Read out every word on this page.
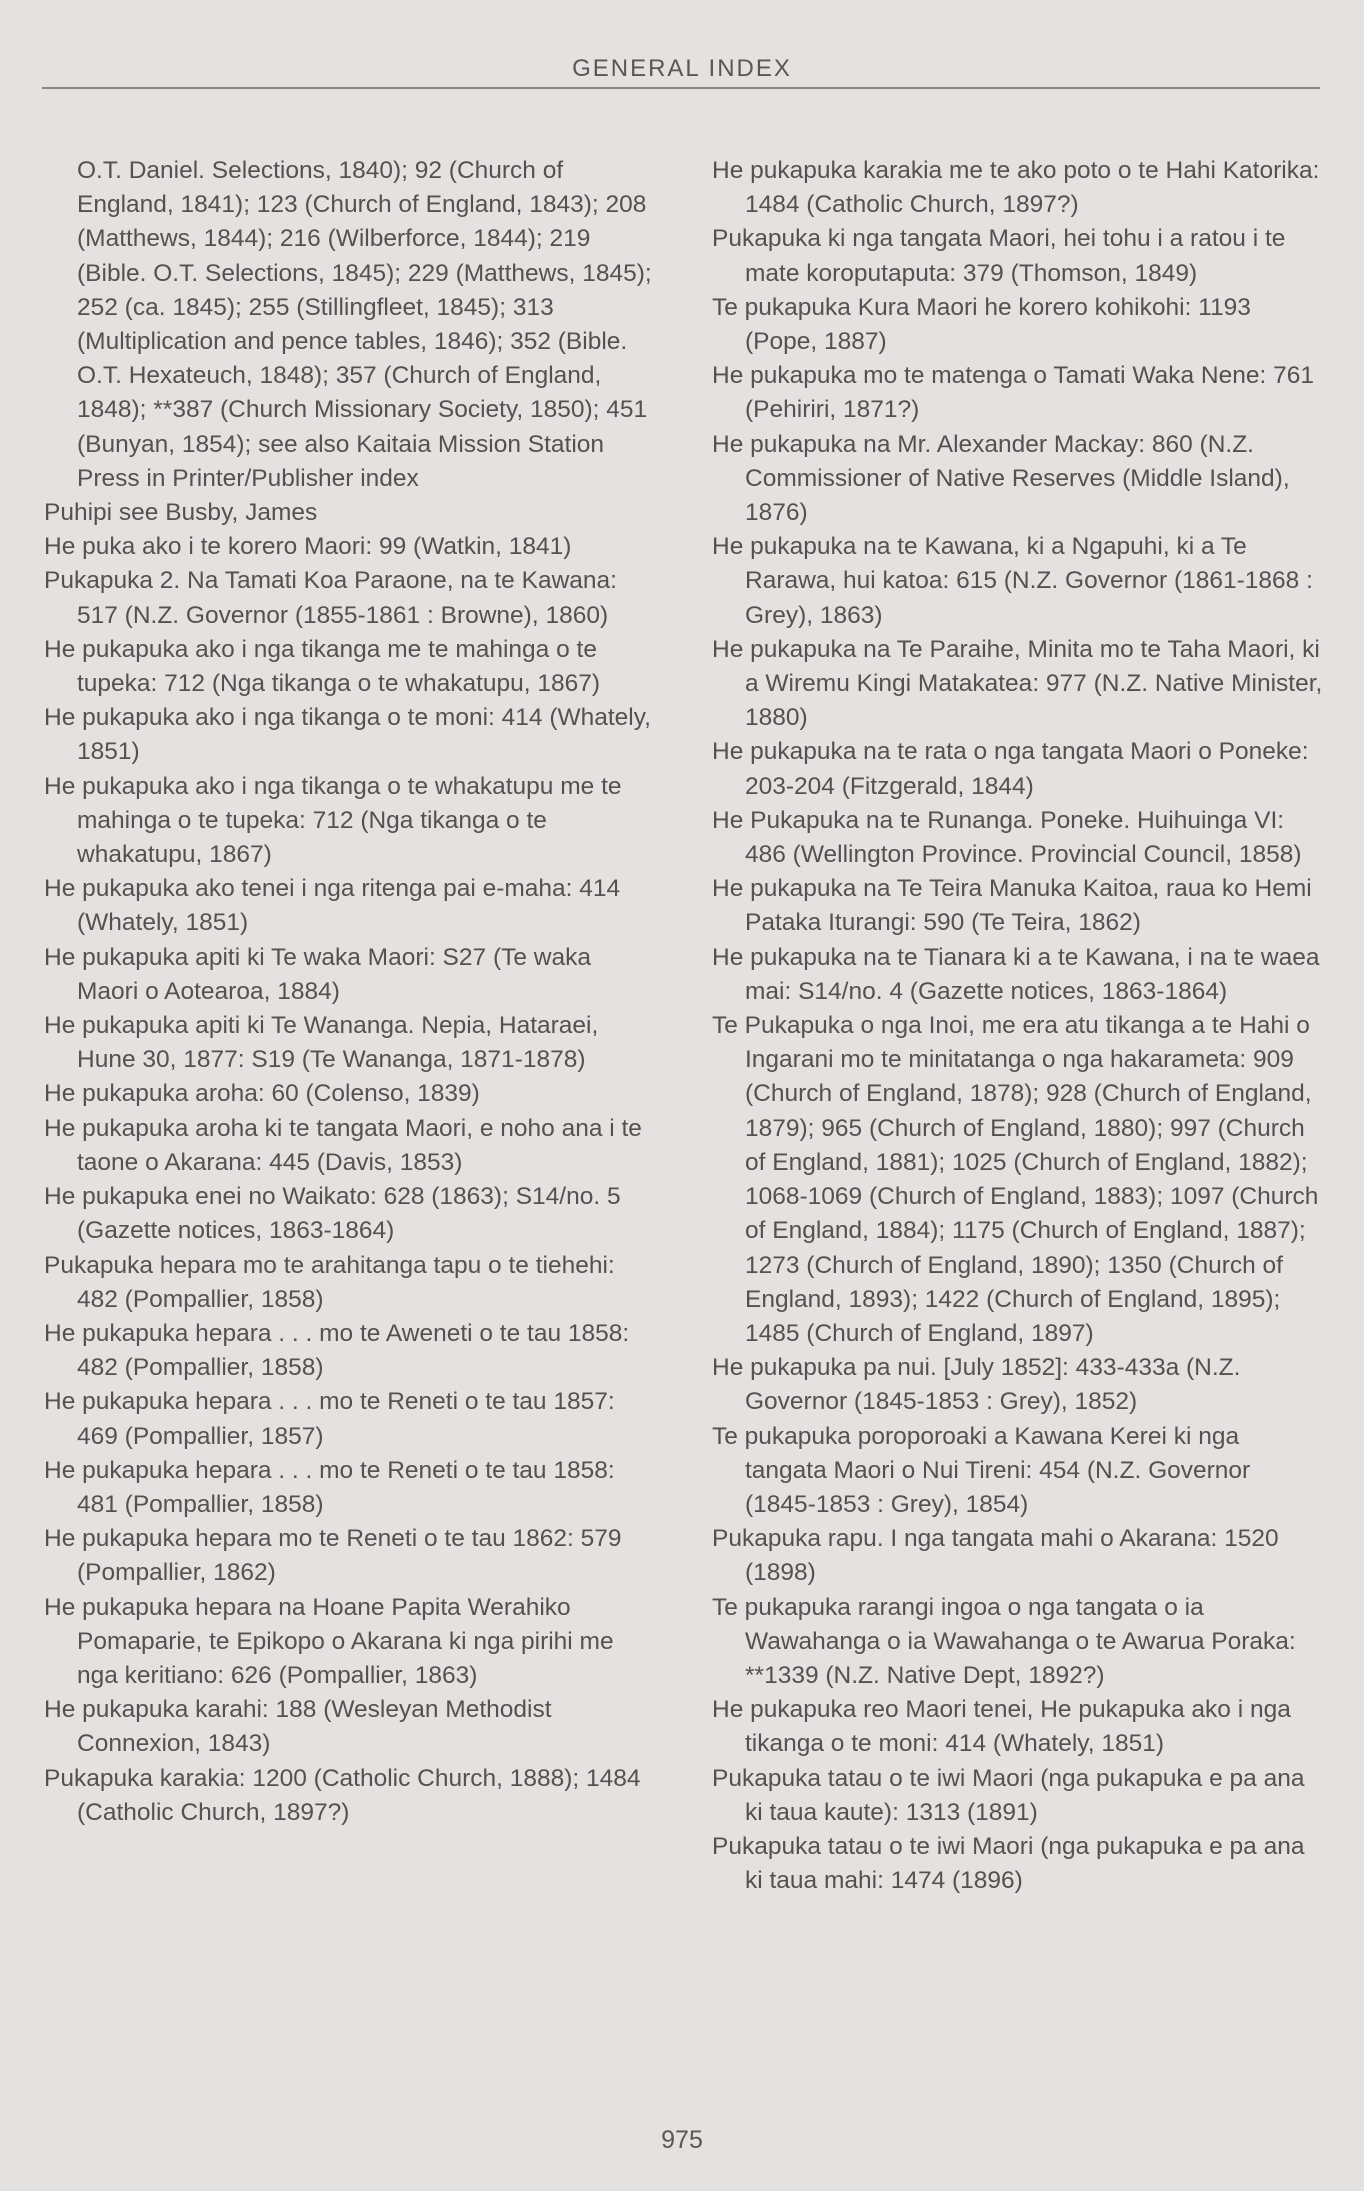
GENERAL INDEX

O.T. Daniel. Selections, 1840); 92 (Church of England, 1841); 123 (Church of England, 1843); 208 (Matthews, 1844); 216 (Wilberforce, 1844); 219 (Bible. O.T. Selections, 1845); 229 (Matthews, 1845); 252 (ca. 1845); 255 (Stillingfleet, 1845); 313 (Multiplication and pence tables, 1846); 352 (Bible. O.T. Hexateuch, 1848); 357 (Church of England, 1848); **387 (Church Missionary Society, 1850); 451 (Bunyan, 1854); see also Kaitaia Mission Station Press in Printer/Publisher index

Puhipi see Busby, James

He puka ako i te korero Maori: 99 (Watkin, 1841)

Pukapuka 2. Na Tamati Koa Paraone, na te Kawana: 517 (N.Z. Governor (1855-1861 : Browne), 1860)

He pukapuka ako i nga tikanga me te mahinga o te tupeka: 712 (Nga tikanga o te whakatupu, 1867)

He pukapuka ako i nga tikanga o te moni: 414 (Whately, 1851)

He pukapuka ako i nga tikanga o te whakatupu me te mahinga o te tupeka: 712 (Nga tikanga o te whakatupu, 1867)

He pukapuka ako tenei i nga ritenga pai e-maha: 414 (Whately, 1851)

He pukapuka apiti ki Te waka Maori: S27 (Te waka Maori o Aotearoa, 1884)

He pukapuka apiti ki Te Wananga. Nepia, Hataraei, Hune 30, 1877: S19 (Te Wananga, 1871-1878)

He pukapuka aroha: 60 (Colenso, 1839)

He pukapuka aroha ki te tangata Maori, e noho ana i te taone o Akarana: 445 (Davis, 1853)

He pukapuka enei no Waikato: 628 (1863); S14/no. 5 (Gazette notices, 1863-1864)

Pukapuka hepara mo te arahitanga tapu o te tiehehi: 482 (Pompallier, 1858)

He pukapuka hepara . . . mo te Aweneti o te tau 1858: 482 (Pompallier, 1858)

He pukapuka hepara . . . mo te Reneti o te tau 1857: 469 (Pompallier, 1857)

He pukapuka hepara . . . mo te Reneti o te tau 1858: 481 (Pompallier, 1858)

He pukapuka hepara mo te Reneti o te tau 1862: 579 (Pompallier, 1862)

He pukapuka hepara na Hoane Papita Werahiko Pomaparie, te Epikopo o Akarana ki nga pirihi me nga keritiano: 626 (Pompallier, 1863)

He pukapuka karahi: 188 (Wesleyan Methodist Connexion, 1843)

Pukapuka karakia: 1200 (Catholic Church, 1888); 1484 (Catholic Church, 1897?)

He pukapuka karakia me te ako poto o te Hahi Katorika: 1484 (Catholic Church, 1897?)

Pukapuka ki nga tangata Maori, hei tohu i a ratou i te mate koroputaputa: 379 (Thomson, 1849)

Te pukapuka Kura Maori he korero kohikohi: 1193 (Pope, 1887)

He pukapuka mo te matenga o Tamati Waka Nene: 761 (Pehiriri, 1871?)

He pukapuka na Mr. Alexander Mackay: 860 (N.Z. Commissioner of Native Reserves (Middle Island), 1876)

He pukapuka na te Kawana, ki a Ngapuhi, ki a Te Rarawa, hui katoa: 615 (N.Z. Governor (1861-1868 : Grey), 1863)

He pukapuka na Te Paraihe, Minita mo te Taha Maori, ki a Wiremu Kingi Matakatea: 977 (N.Z. Native Minister, 1880)

He pukapuka na te rata o nga tangata Maori o Poneke: 203-204 (Fitzgerald, 1844)

He Pukapuka na te Runanga. Poneke. Huihuinga VI: 486 (Wellington Province. Provincial Council, 1858)

He pukapuka na Te Teira Manuka Kaitoa, raua ko Hemi Pataka Iturangi: 590 (Te Teira, 1862)

He pukapuka na te Tianara ki a te Kawana, i na te waea mai: S14/no. 4 (Gazette notices, 1863-1864)

Te Pukapuka o nga Inoi, me era atu tikanga a te Hahi o Ingarani mo te minitatanga o nga hakarameta: 909 (Church of England, 1878); 928 (Church of England, 1879); 965 (Church of England, 1880); 997 (Church of England, 1881); 1025 (Church of England, 1882); 1068-1069 (Church of England, 1883); 1097 (Church of England, 1884); 1175 (Church of England, 1887); 1273 (Church of England, 1890); 1350 (Church of England, 1893); 1422 (Church of England, 1895); 1485 (Church of England, 1897)

He pukapuka pa nui. [July 1852]: 433-433a (N.Z. Governor (1845-1853 : Grey), 1852)

Te pukapuka poroporoaki a Kawana Kerei ki nga tangata Maori o Nui Tireni: 454 (N.Z. Governor (1845-1853 : Grey), 1854)

Pukapuka rapu. I nga tangata mahi o Akarana: 1520 (1898)

Te pukapuka rarangi ingoa o nga tangata o ia Wawahanga o ia Wawahanga o te Awarua Poraka: **1339 (N.Z. Native Dept, 1892?)

He pukapuka reo Maori tenei, He pukapuka ako i nga tikanga o te moni: 414 (Whately, 1851)

Pukapuka tatau o te iwi Maori (nga pukapuka e pa ana ki taua kaute): 1313 (1891)

Pukapuka tatau o te iwi Maori (nga pukapuka e pa ana ki taua mahi: 1474 (1896)

975
